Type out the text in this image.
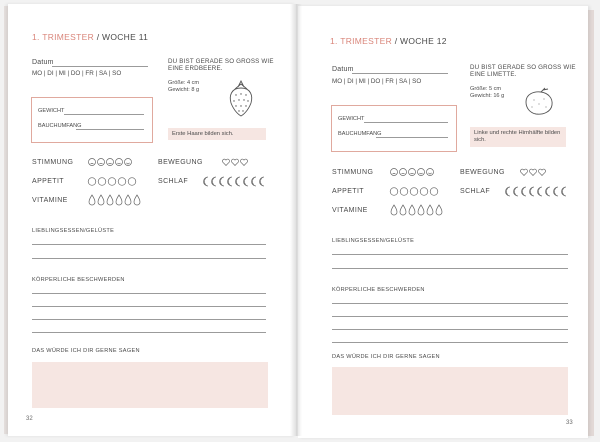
1. TRIMESTER / WOCHE 11
Datum
MO | DI | MI | DO | FR | SA | SO
DU BIST GERADE SO GROSS WIE EINE ERDBEERE.
Größe: 4 cm
Gewicht: 8 g
GEWICHT
BAUCHUMFANG
Erste Haare bilden sich.
STIMMUNG	BEWEGUNG
APPETIT	SCHLAF
VITAMINE
LIEBLINGSESSEN/GELÜSTE
KÖRPERLICHE BESCHWERDEN
DAS WÜRDE ICH DIR GERNE SAGEN
32
1. TRIMESTER / WOCHE 12
Datum
MO | DI | MI | DO | FR | SA | SO
DU BIST GERADE SO GROSS WIE EINE LIMETTE.
Größe: 5 cm
Gewicht: 16 g
GEWICHT
BAUCHUMFANG	Linke und rechte Hirnhälfte bilden sich.
STIMMUNG	BEWEGUNG
APPETIT	SCHLAF
VITAMINE
LIEBLINGSESSEN/GELÜSTE
KÖRPERLICHE BESCHWERDEN
DAS WÜRDE ICH DIR GERNE SAGEN
33
